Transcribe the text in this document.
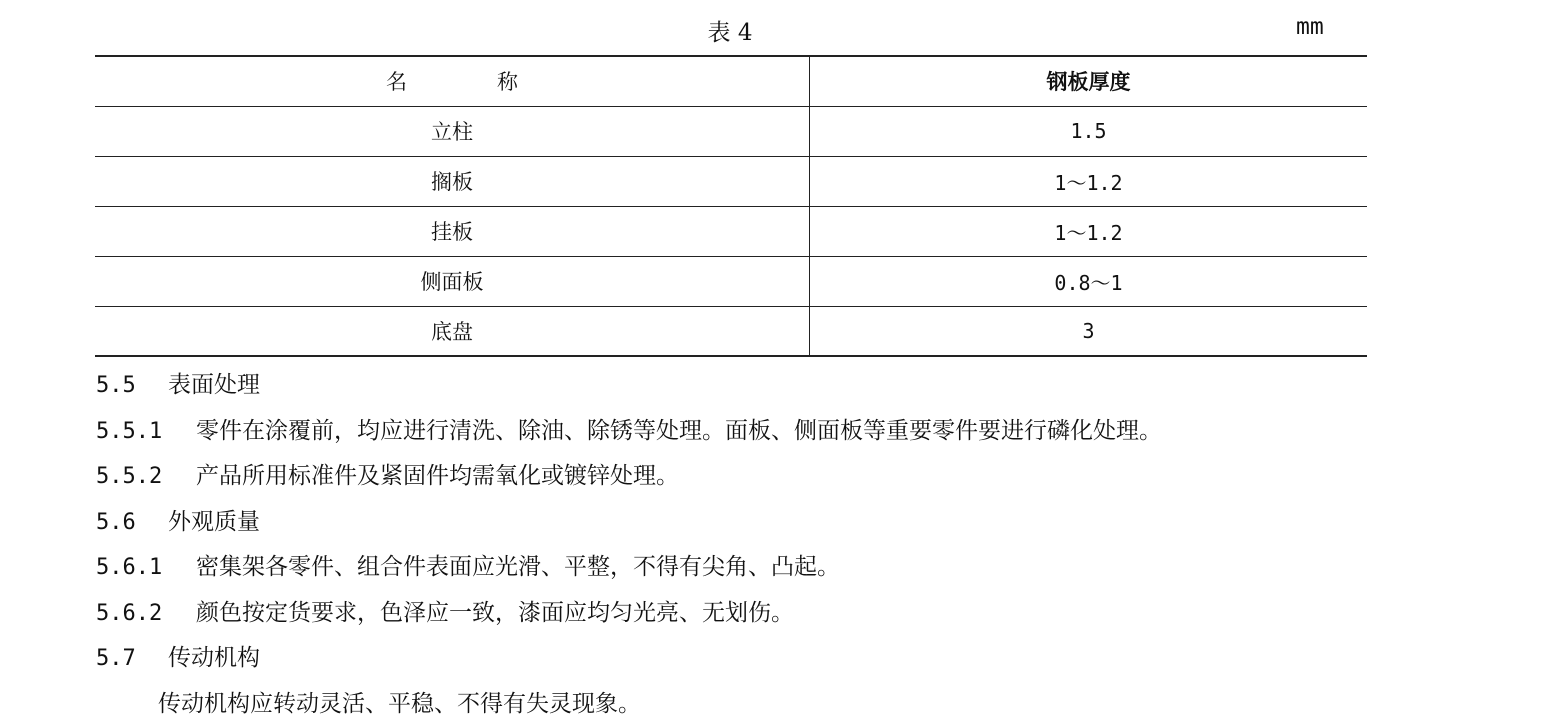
表 4	mm
名称	钢板厚度
立柱	1.5
搁板	1～1.2
挂板	1～1.2
侧面板	0.8～1
底盘	3
5.5 表面处理
5.5.1 零件在涂覆前，均应进行清洗、除油、除锈等处理。面板、侧面板等重要零件要进行磷化处理。
5.5.2 产品所用标准件及紧固件均需氧化或镀锌处理。
5.6 外观质量
5.6.1 密集架各零件、组合件表面应光滑、平整，不得有尖角、凸起。
5.6.2 颜色按定货要求，色泽应一致，漆面应均匀光亮、无划伤。
5.7 传动机构
传动机构应转动灵活、平稳、不得有失灵现象。
